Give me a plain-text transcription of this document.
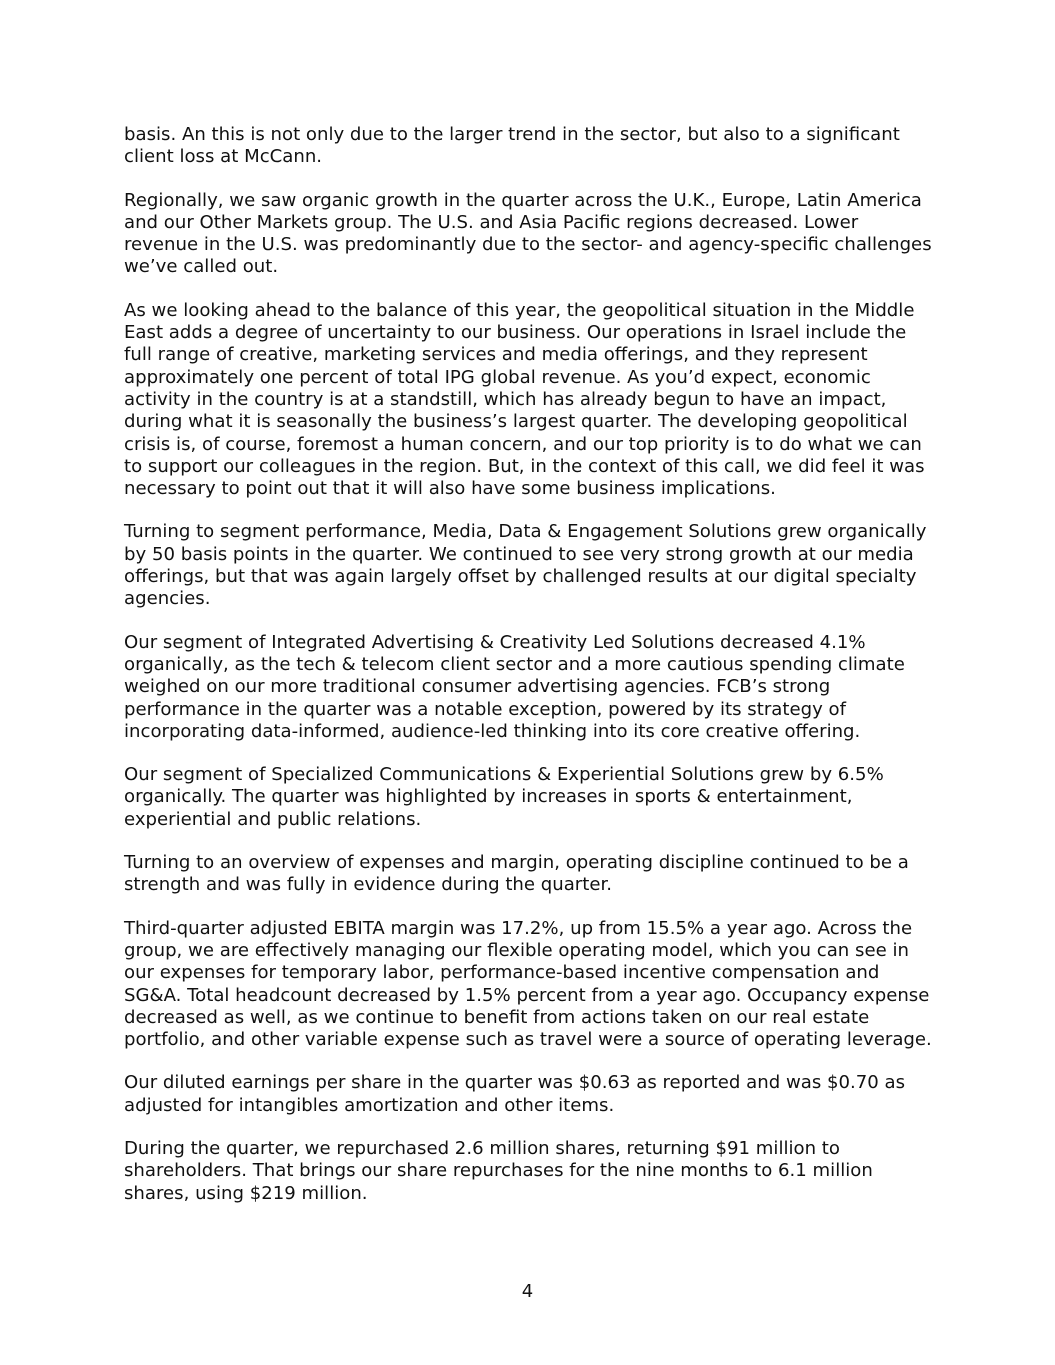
basis. An this is not only due to the larger trend in the sector, but also to a significant client loss at McCann.

Regionally, we saw organic growth in the quarter across the U.K., Europe, Latin America and our Other Markets group. The U.S. and Asia Pacific regions decreased. Lower revenue in the U.S. was predominantly due to the sector- and agency-specific challenges we’ve called out.

As we looking ahead to the balance of this year, the geopolitical situation in the Middle East adds a degree of uncertainty to our business. Our operations in Israel include the full range of creative, marketing services and media offerings, and they represent approximately one percent of total IPG global revenue. As you’d expect, economic activity in the country is at a standstill, which has already begun to have an impact, during what it is seasonally the business’s largest quarter. The developing geopolitical crisis is, of course, foremost a human concern, and our top priority is to do what we can to support our colleagues in the region. But, in the context of this call, we did feel it was necessary to point out that it will also have some business implications.

Turning to segment performance, Media, Data & Engagement Solutions grew organically by 50 basis points in the quarter. We continued to see very strong growth at our media offerings, but that was again largely offset by challenged results at our digital specialty agencies.

Our segment of Integrated Advertising & Creativity Led Solutions decreased 4.1% organically, as the tech & telecom client sector and a more cautious spending climate weighed on our more traditional consumer advertising agencies. FCB’s strong performance in the quarter was a notable exception, powered by its strategy of incorporating data-informed, audience-led thinking into its core creative offering.

Our segment of Specialized Communications & Experiential Solutions grew by 6.5% organically. The quarter was highlighted by increases in sports & entertainment, experiential and public relations.

Turning to an overview of expenses and margin, operating discipline continued to be a strength and was fully in evidence during the quarter.

Third-quarter adjusted EBITA margin was 17.2%, up from 15.5% a year ago. Across the group, we are effectively managing our flexible operating model, which you can see in our expenses for temporary labor, performance-based incentive compensation and SG&A. Total headcount decreased by 1.5% percent from a year ago. Occupancy expense decreased as well, as we continue to benefit from actions taken on our real estate portfolio, and other variable expense such as travel were a source of operating leverage.

Our diluted earnings per share in the quarter was $0.63 as reported and was $0.70 as adjusted for intangibles amortization and other items.

During the quarter, we repurchased 2.6 million shares, returning $91 million to shareholders. That brings our share repurchases for the nine months to 6.1 million shares, using $219 million.

4
